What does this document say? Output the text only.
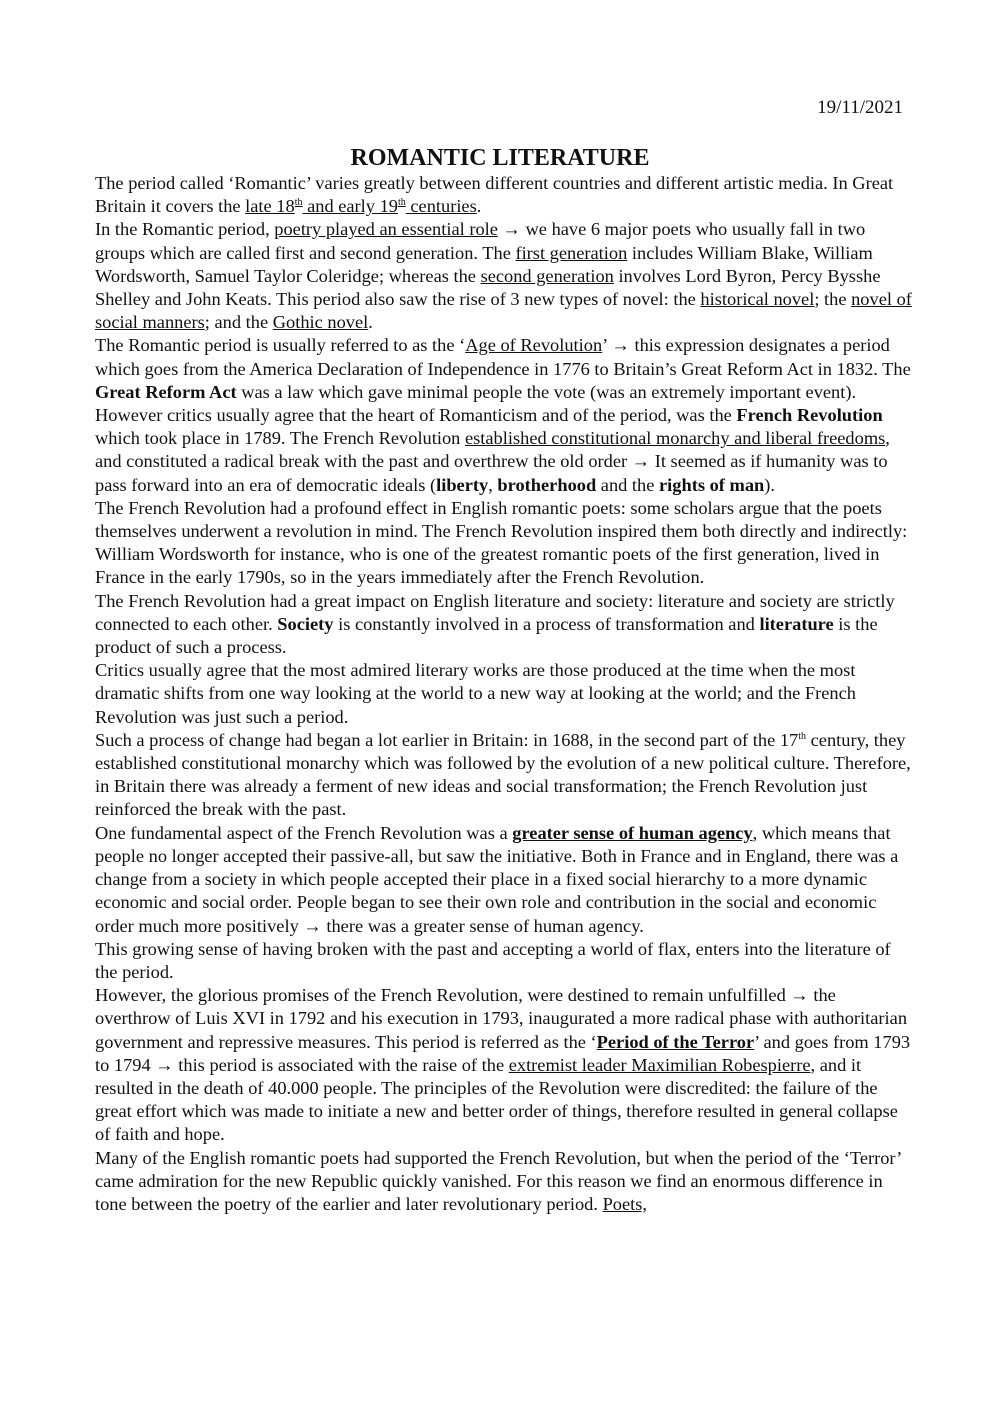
19/11/2021
ROMANTIC LITERATURE

The period called ‘Romantic’ varies greatly between different countries and different artistic media. In Great Britain it covers the late 18th and early 19th centuries.

In the Romantic period, poetry played an essential role → we have 6 major poets who usually fall in two groups which are called first and second generation. The first generation includes William Blake, William Wordsworth, Samuel Taylor Coleridge; whereas the second generation involves Lord Byron, Percy Bysshe Shelley and John Keats. This period also saw the rise of 3 new types of novel: the historical novel; the novel of social manners; and the Gothic novel.

The Romantic period is usually referred to as the ‘Age of Revolution’ → this expression designates a period which goes from the America Declaration of Independence in 1776 to Britain’s Great Reform Act in 1832. The Great Reform Act was a law which gave minimal people the vote (was an extremely important event).

However critics usually agree that the heart of Romanticism and of the period, was the French Revolution which took place in 1789. The French Revolution established constitutional monarchy and liberal freedoms, and constituted a radical break with the past and overthrew the old order → It seemed as if humanity was to pass forward into an era of democratic ideals (liberty, brotherhood and the rights of man).

The French Revolution had a profound effect in English romantic poets: some scholars argue that the poets themselves underwent a revolution in mind. The French Revolution inspired them both directly and indirectly: William Wordsworth for instance, who is one of the greatest romantic poets of the first generation, lived in France in the early 1790s, so in the years immediately after the French Revolution.

The French Revolution had a great impact on English literature and society: literature and society are strictly connected to each other. Society is constantly involved in a process of transformation and literature is the product of such a process.

Critics usually agree that the most admired literary works are those produced at the time when the most dramatic shifts from one way looking at the world to a new way at looking at the world; and the French Revolution was just such a period.

Such a process of change had began a lot earlier in Britain: in 1688, in the second part of the 17th century, they established constitutional monarchy which was followed by the evolution of a new political culture. Therefore, in Britain there was already a ferment of new ideas and social transformation; the French Revolution just reinforced the break with the past.

One fundamental aspect of the French Revolution was a greater sense of human agency, which means that people no longer accepted their passive-all, but saw the initiative. Both in France and in England, there was a change from a society in which people accepted their place in a fixed social hierarchy to a more dynamic economic and social order. People began to see their own role and contribution in the social and economic order much more positively → there was a greater sense of human agency.

This growing sense of having broken with the past and accepting a world of flax, enters into the literature of the period.

However, the glorious promises of the French Revolution, were destined to remain unfulfilled → the overthrow of Luis XVI in 1792 and his execution in 1793, inaugurated a more radical phase with authoritarian government and repressive measures. This period is referred as the ‘Period of the Terror’ and goes from 1793 to 1794 → this period is associated with the raise of the extremist leader Maximilian Robespierre, and it resulted in the death of 40.000 people. The principles of the Revolution were discredited: the failure of the great effort which was made to initiate a new and better order of things, therefore resulted in general collapse of faith and hope.

Many of the English romantic poets had supported the French Revolution, but when the period of the ‘Terror’ came admiration for the new Republic quickly vanished. For this reason we find an enormous difference in tone between the poetry of the earlier and later revolutionary period. Poets,
